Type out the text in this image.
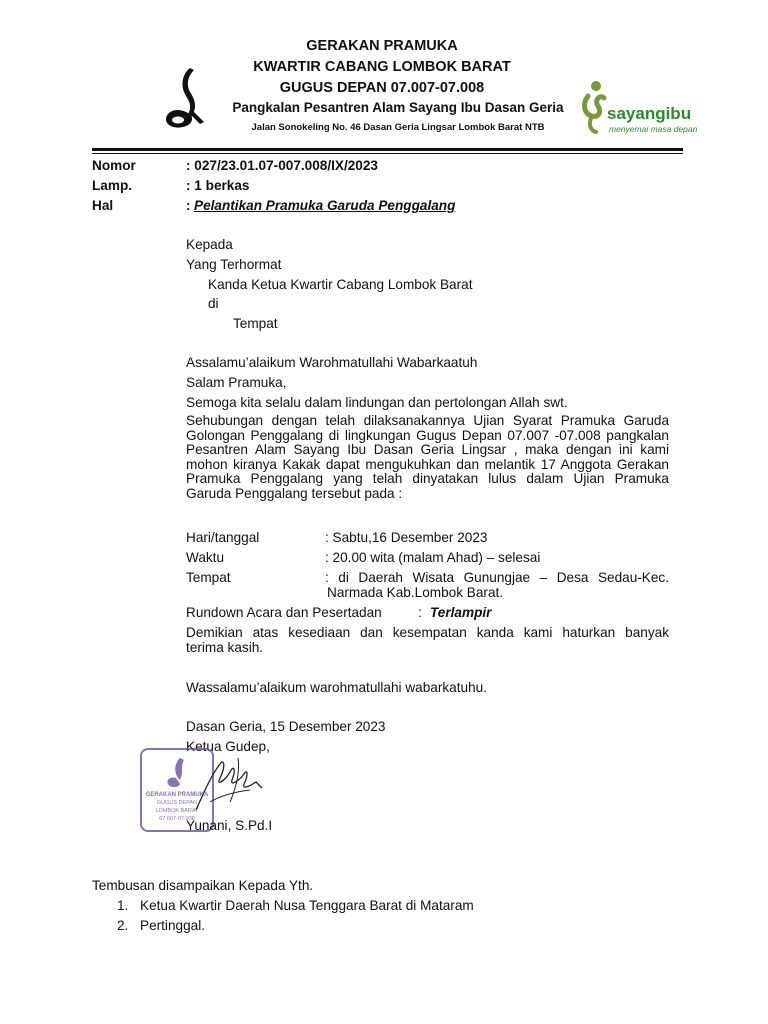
sayangibu
menyemai masa depan
GERAKAN PRAMUKA
KWARTIR CABANG LOMBOK BARAT
GUGUS DEPAN 07.007-07.008
Pangkalan Pesantren Alam Sayang Ibu Dasan Geria
Jalan Sonokeling No. 46 Dasan Geria Lingsar Lombok Barat NTB
Nomor	: 027/23.01.07-007.008/IX/2023
Lamp.	: 1 berkas
Hal	: Pelantikan Pramuka Garuda Penggalang
Kepada
Yang Terhormat
Kanda Ketua Kwartir Cabang Lombok Barat
di
Tempat
Assalamu’alaikum Warohmatullahi Wabarkaatuh
Salam Pramuka,
Semoga kita selalu dalam lindungan dan pertolongan Allah swt.
Sehubungan dengan telah dilaksanakannya Ujian Syarat Pramuka Garuda
Golongan Penggalang di lingkungan Gugus Depan 07.007 -07.008 pangkalan
Pesantren Alam Sayang Ibu Dasan Geria Lingsar , maka dengan ini kami
mohon kiranya Kakak dapat mengukuhkan dan melantik 17 Anggota Gerakan
Pramuka Penggalang yang telah dinyatakan lulus dalam Ujian Pramuka
Garuda Penggalang tersebut pada :
Hari/tanggal	: Sabtu,16 Desember 2023
Waktu	: 20.00 wita (malam Ahad) – selesai
Tempat	: di Daerah Wisata Gunungjae – Desa Sedau-Kec.
Narmada Kab.Lombok Barat.
Rundown Acara dan Pesertadan	: Terlampir
Demikian atas kesediaan dan kesempatan kanda kami haturkan banyak
terima kasih.
Wassalamu’alaikum warohmatullahi wabarkatuhu.
Dasan Geria, 15 Desember 2023
Ketua Gudep,
GERAKAN PRAMUKA
GUGUS DEPAN
LOMBOK BARAT
07.007-07.008
Yunani, S.Pd.I
Tembusan disampaikan Kepada Yth.
1. Ketua Kwartir Daerah Nusa Tenggara Barat di Mataram
2. Pertinggal.
